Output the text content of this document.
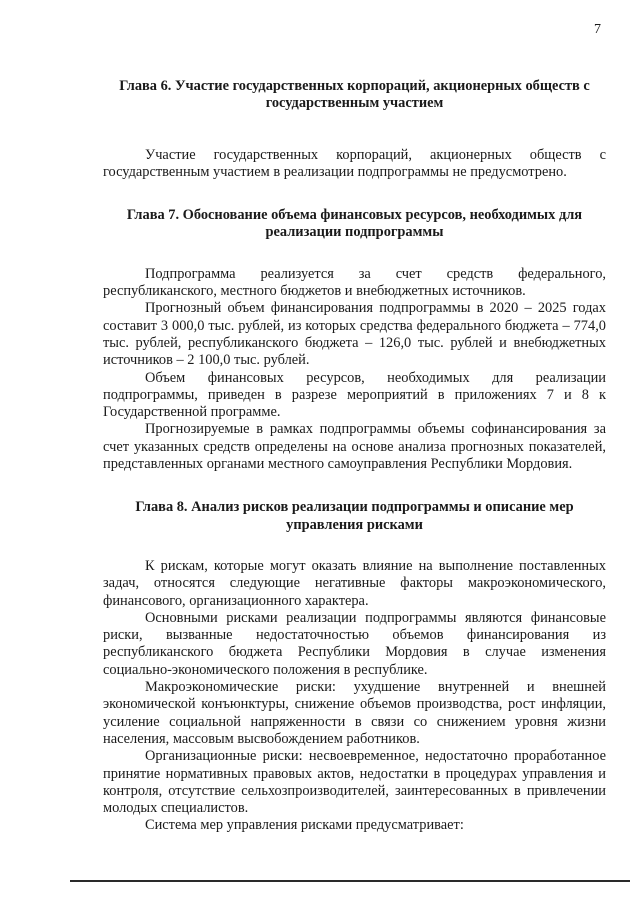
7

Глава 6. Участие государственных корпораций, акционерных обществ с государственным участием

Участие государственных корпораций, акционерных обществ с государственным участием в реализации подпрограммы не предусмотрено.

Глава 7. Обоснование объема финансовых ресурсов, необходимых для реализации подпрограммы

Подпрограмма реализуется за счет средств федерального, республиканского, местного бюджетов и внебюджетных источников.

Прогнозный объем финансирования подпрограммы в 2020 – 2025 годах составит 3 000,0 тыс. рублей, из которых средства федерального бюджета – 774,0 тыс. рублей, республиканского бюджета – 126,0 тыс. рублей и внебюджетных источников – 2 100,0 тыс. рублей.

Объем финансовых ресурсов, необходимых для реализации подпрограммы, приведен в разрезе мероприятий в приложениях 7 и 8 к Государственной программе.

Прогнозируемые в рамках подпрограммы объемы софинансирования за счет указанных средств определены на основе анализа прогнозных показателей, представленных органами местного самоуправления Республики Мордовия.

Глава 8. Анализ рисков реализации подпрограммы и описание мер управления рисками

К рискам, которые могут оказать влияние на выполнение поставленных задач, относятся следующие негативные факторы макроэкономического, финансового, организационного характера.

Основными рисками реализации подпрограммы являются финансовые риски, вызванные недостаточностью объемов финансирования из республиканского бюджета Республики Мордовия в случае изменения социально-экономического положения в республике.

Макроэкономические риски: ухудшение внутренней и внешней экономической конъюнктуры, снижение объемов производства, рост инфляции, усиление социальной напряженности в связи со снижением уровня жизни населения, массовым высвобождением работников.

Организационные риски: несвоевременное, недостаточно проработанное принятие нормативных правовых актов, недостатки в процедурах управления и контроля, отсутствие сельхозпроизводителей, заинтересованных в привлечении молодых специалистов.

Система мер управления рисками предусматривает:
